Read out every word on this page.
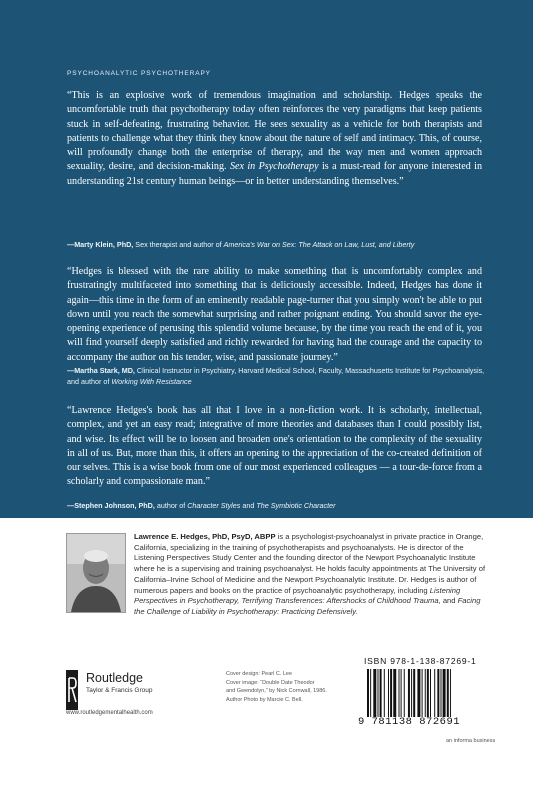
PSYCHOANALYTIC PSYCHOTHERAPY
“This is an explosive work of tremendous imagination and scholarship. Hedges speaks the uncomfortable truth that psychotherapy today often reinforces the very paradigms that keep patients stuck in self-defeating, frustrating behavior. He sees sexuality as a vehicle for both therapists and patients to challenge what they think they know about the nature of self and intimacy. This, of course, will profoundly change both the enterprise of therapy, and the way men and women approach sexuality, desire, and decision-making. Sex in Psychotherapy is a must-read for anyone interested in understanding 21st century human beings—or in better understanding themselves.”
—Marty Klein, PhD, Sex therapist and author of America's War on Sex: The Attack on Law, Lust, and Liberty
“Hedges is blessed with the rare ability to make something that is uncomfortably complex and frustratingly multifaceted into something that is deliciously accessible. Indeed, Hedges has done it again—this time in the form of an eminently readable page-turner that you simply won't be able to put down until you reach the somewhat surprising and rather poignant ending. You should savor the eye-opening experience of perusing this splendid volume because, by the time you reach the end of it, you will find yourself deeply satisfied and richly rewarded for having had the courage and the capacity to accompany the author on his tender, wise, and passionate journey.”
—Martha Stark, MD, Clinical Instructor in Psychiatry, Harvard Medical School, Faculty, Massachusetts Institute for Psychoanalysis, and author of Working With Resistance
“Lawrence Hedges's book has all that I love in a non-fiction work. It is scholarly, intellectual, complex, and yet an easy read; integrative of more theories and databases than I could possibly list, and wise. Its effect will be to loosen and broaden one's orientation to the complexity of the sexuality in all of us. But, more than this, it offers an opening to the appreciation of the co-created definition of our selves. This is a wise book from one of our most experienced colleagues — a tour-de-force from a scholarly and compassionate man.”
—Stephen Johnson, PhD, author of Character Styles and The Symbiotic Character
Lawrence E. Hedges, PhD, PsyD, ABPP is a psychologist-psychoanalyst in private practice in Orange, California, specializing in the training of psychotherapists and psychoanalysts. He is director of the Listening Perspectives Study Center and the founding director of the Newport Psychoanalytic Institute where he is a supervising and training psychoanalyst. He holds faculty appointments at The University of California–Irvine School of Medicine and the Newport Psychoanalytic Institute. Dr. Hedges is author of numerous papers and books on the practice of psychoanalytic psychotherapy, including Listening Perspectives in Psychotherapy, Terrifying Transferences: Aftershocks of Childhood Trauma, and Facing the Challenge of Liability in Psychotherapy: Practicing Defensively.
Routledge
Taylor & Francis Group
www.routledgementalhealth.com
Cover design: Pearl C. Lee
Cover image: “Double Date Theodor
and Gwendolyn,” by Nick Cornwall, 1986.
Author Photo by Marcie C. Bell.
ISBN 978-1-138-87269-1
9 781138 872691
an informa business
